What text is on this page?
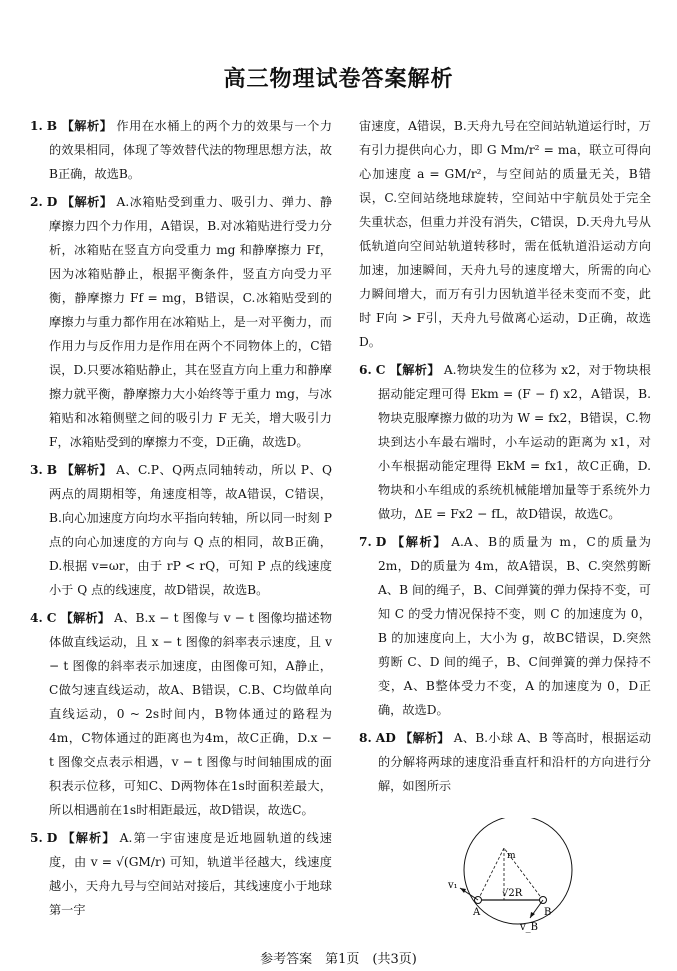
高三物理试卷答案解析

1. B 【解析】 作用在水桶上的两个力的效果与一个力的效果相同，体现了等效替代法的物理思想方法，故B正确，故选B。

2. D 【解析】 A.冰箱贴受到重力、吸引力、弹力、静摩擦力四个力作用，A错误，B.对冰箱贴进行受力分析，冰箱贴在竖直方向受重力 mg 和静摩擦力 Ff，因为冰箱贴静止，根据平衡条件，竖直方向受力平衡，静摩擦力 Ff = mg，B错误，C.冰箱贴受到的摩擦力与重力都作用在冰箱贴上，是一对平衡力，而作用力与反作用力是作用在两个不同物体上的，C错误，D.只要冰箱贴静止，其在竖直方向上重力和静摩擦力就平衡，静摩擦力大小始终等于重力 mg，与冰箱贴和冰箱侧壁之间的吸引力 F 无关，增大吸引力 F，冰箱贴受到的摩擦力不变，D正确，故选D。

3. B 【解析】 A、C.P、Q两点同轴转动，所以 P、Q 两点的周期相等，角速度相等，故A错误，C错误，B.向心加速度方向均水平指向转轴，所以同一时刻 P 点的向心加速度的方向与 Q 点的相同，故B正确，D.根据 v=ωr，由于 rP < rQ，可知 P 点的线速度小于 Q 点的线速度，故D错误，故选B。

4. C 【解析】 A、B.x − t 图像与 v − t 图像均描述物体做直线运动，且 x − t 图像的斜率表示速度，且 v − t 图像的斜率表示加速度，由图像可知，A静止，C做匀速直线运动，故A、B错误，C.B、C均做单向直线运动，0 ~ 2s时间内，B物体通过的路程为4m，C物体通过的距离也为4m，故C正确，D.x − t 图像交点表示相遇，v − t 图像与时间轴围成的面积表示位移，可知C、D两物体在1s时面积差最大，所以相遇前在1s时相距最远，故D错误，故选C。

5. D 【解析】 A.第一宇宙速度是近地圆轨道的线速度，由 v = √(GM/r) 可知，轨道半径越大，线速度越小，天舟九号与空间站对接后，其线速度小于地球第一宇

宙速度，A错误，B.天舟九号在空间站轨道运行时，万有引力提供向心力，即 G Mm/r² = ma，联立可得向心加速度 a = GM/r²，与空间站的质量无关，B错误，C.空间站绕地球旋转，空间站中宇航员处于完全失重状态，但重力并没有消失，C错误，D.天舟九号从低轨道向空间站轨道转移时，需在低轨道沿运动方向加速，加速瞬间，天舟九号的速度增大，所需的向心力瞬间增大，而万有引力因轨道半径未变而不变，此时 F向 > F引，天舟九号做离心运动，D正确，故选D。

6. C 【解析】 A.物块发生的位移为 x2，对于物块根据动能定理可得 Ekm = (F − f) x2，A错误，B.物块克服摩擦力做的功为 W = fx2，B错误，C.物块到达小车最右端时，小车运动的距离为 x1，对小车根据动能定理得 EkM = fx1，故C正确，D.物块和小车组成的系统机械能增加量等于系统外力做功，ΔE = Fx2 − fL，故D错误，故选C。

7. D 【解析】 A.A、B的质量为 m，C的质量为 2m，D的质量为 4m，故A错误，B、C.突然剪断 A、B 间的绳子，B、C间弹簧的弹力保持不变，可知 C 的受力情况保持不变，则 C 的加速度为 0，B 的加速度向上，大小为 g，故BC错误，D.突然剪断 C、D 间的绳子，B、C间弹簧的弹力保持不变，A、B整体受力不变，A 的加速度为 0，D正确，故选D。

8. AD 【解析】 A、B.小球 A、B 等高时，根据运动的分解将两球的速度沿垂直杆和沿杆的方向进行分解，如图所示

v₁
A	B
√2R
m
v_B
参考答案　第1页　(共3页)
